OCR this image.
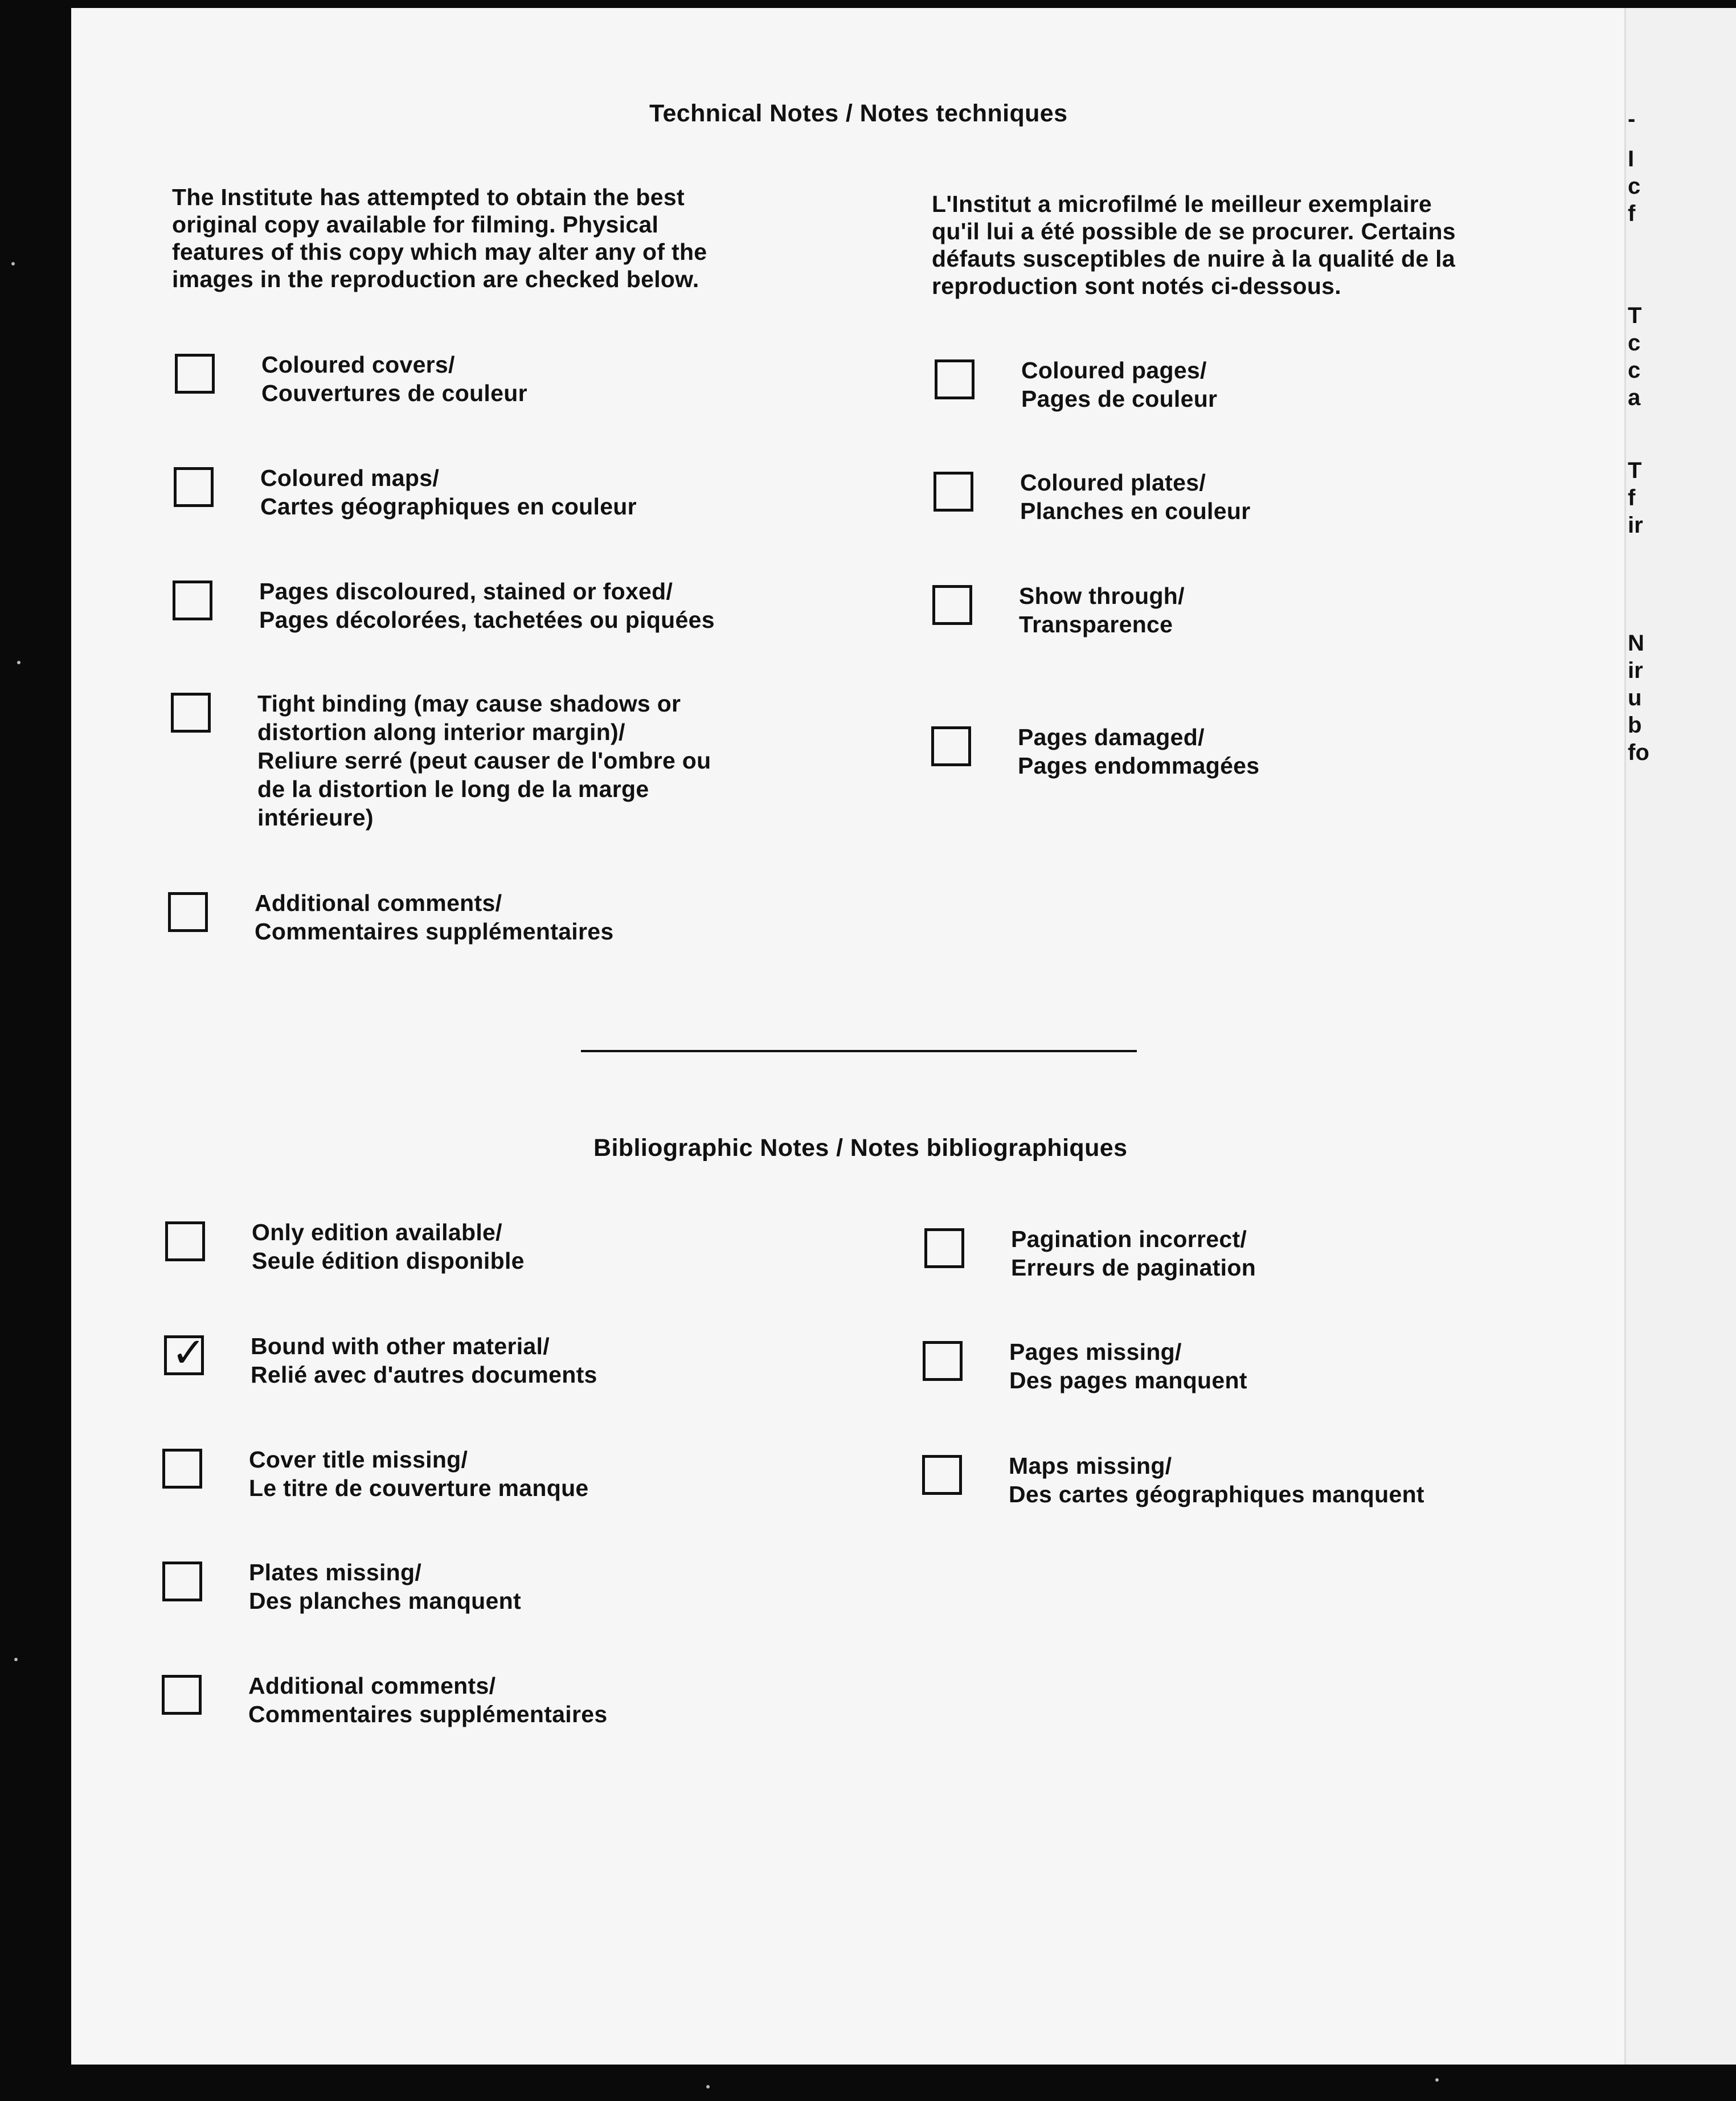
-
I
c
f
T
c
c
a
T
f
ir
N
ir
u
b
fo
Technical Notes / Notes techniques
The Institute has attempted to obtain the best
original copy available for filming. Physical
features of this copy which may alter any of the
images in the reproduction are checked below.
L'Institut a microfilmé le meilleur exemplaire
qu'il lui a été possible de se procurer. Certains
défauts susceptibles de nuire à la qualité de la
reproduction sont notés ci-dessous.
Coloured covers/
Couvertures de couleur
Coloured maps/
Cartes géographiques en couleur
Pages discoloured, stained or foxed/
Pages décolorées, tachetées ou piquées
Tight binding (may cause shadows or
distortion along interior margin)/
Reliure serré (peut causer de l'ombre ou
de la distortion le long de la marge
intérieure)
Additional comments/
Commentaires supplémentaires
Coloured pages/
Pages de couleur
Coloured plates/
Planches en couleur
Show through/
Transparence
Pages damaged/
Pages endommagées
Bibliographic Notes / Notes bibliographiques
Only edition available/
Seule édition disponible
✓ Bound with other material/
Relié avec d'autres documents
Cover title missing/
Le titre de couverture manque
Plates missing/
Des planches manquent
Additional comments/
Commentaires supplémentaires
Pagination incorrect/
Erreurs de pagination
Pages missing/
Des pages manquent
Maps missing/
Des cartes géographiques manquent
